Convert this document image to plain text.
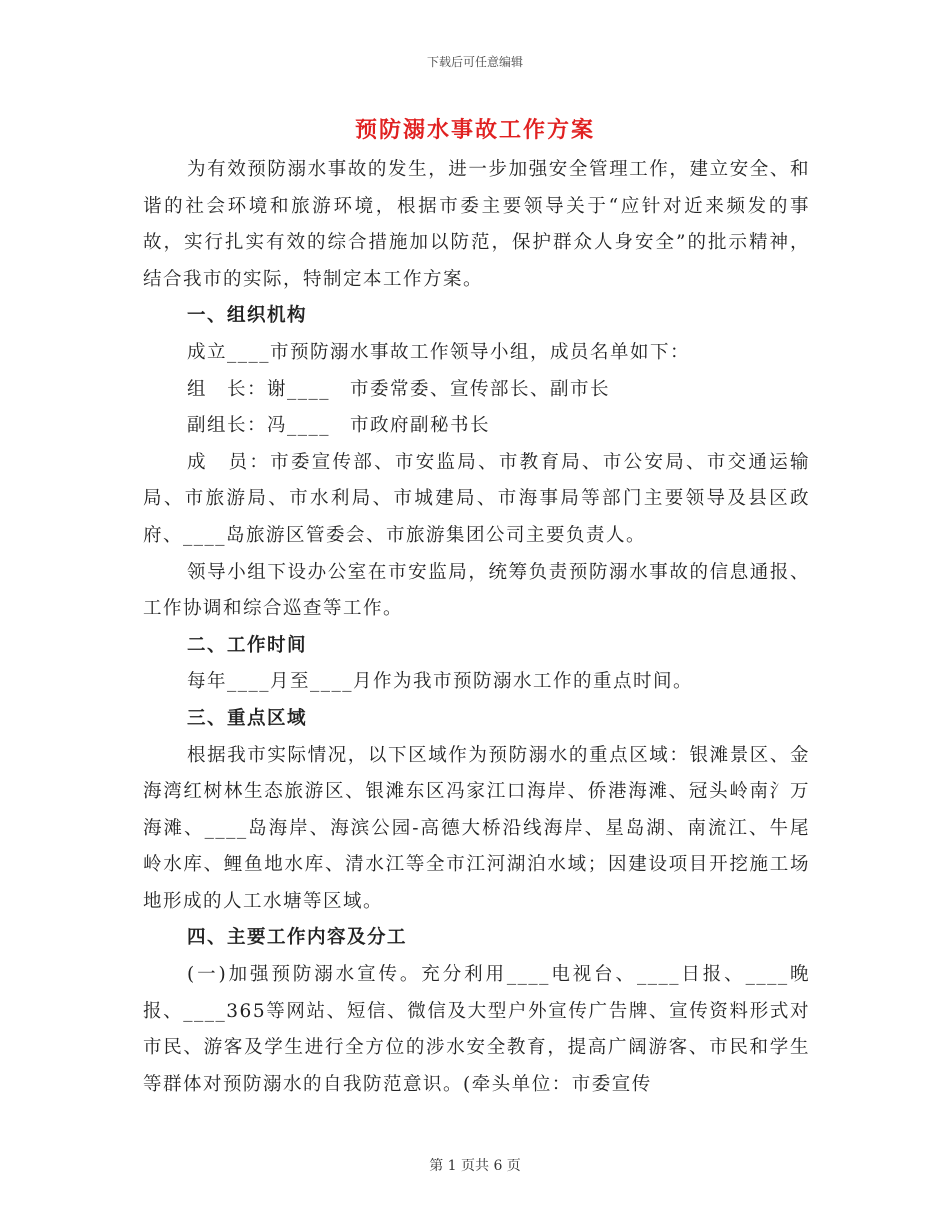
下载后可任意编辑
预防溺水事故工作方案

为有效预防溺水事故的发生，进一步加强安全管理工作，建立安全、和谐的社会环境和旅游环境，根据市委主要领导关于“应针对近来频发的事故，实行扎实有效的综合措施加以防范，保护群众人身安全”的批示精神，结合我市的实际，特制定本工作方案。

一、组织机构

成立____市预防溺水事故工作领导小组，成员名单如下：

组　长：谢____　市委常委、宣传部长、副市长

副组长：冯____　市政府副秘书长

成　员：市委宣传部、市安监局、市教育局、市公安局、市交通运输局、市旅游局、市水利局、市城建局、市海事局等部门主要领导及县区政府、____岛旅游区管委会、市旅游集团公司主要负责人。

领导小组下设办公室在市安监局，统筹负责预防溺水事故的信息通报、工作协调和综合巡查等工作。

二、工作时间

每年____月至____月作为我市预防溺水工作的重点时间。

三、重点区域

根据我市实际情况，以下区域作为预防溺水的重点区域：银滩景区、金海湾红树林生态旅游区、银滩东区冯家江口海岸、侨港海滩、冠头岭南氵万海滩、____岛海岸、海滨公园-高德大桥沿线海岸、星岛湖、南流江、牛尾岭水库、鲤鱼地水库、清水江等全市江河湖泊水域；因建设项目开挖施工场地形成的人工水塘等区域。

四、主要工作内容及分工

(一)加强预防溺水宣传。充分利用____电视台、____日报、____晚报、____365等网站、短信、微信及大型户外宣传广告牌、宣传资料形式对市民、游客及学生进行全方位的涉水安全教育，提高广阔游客、市民和学生等群体对预防溺水的自我防范意识。(牵头单位：市委宣传

第 1 页共 6 页
